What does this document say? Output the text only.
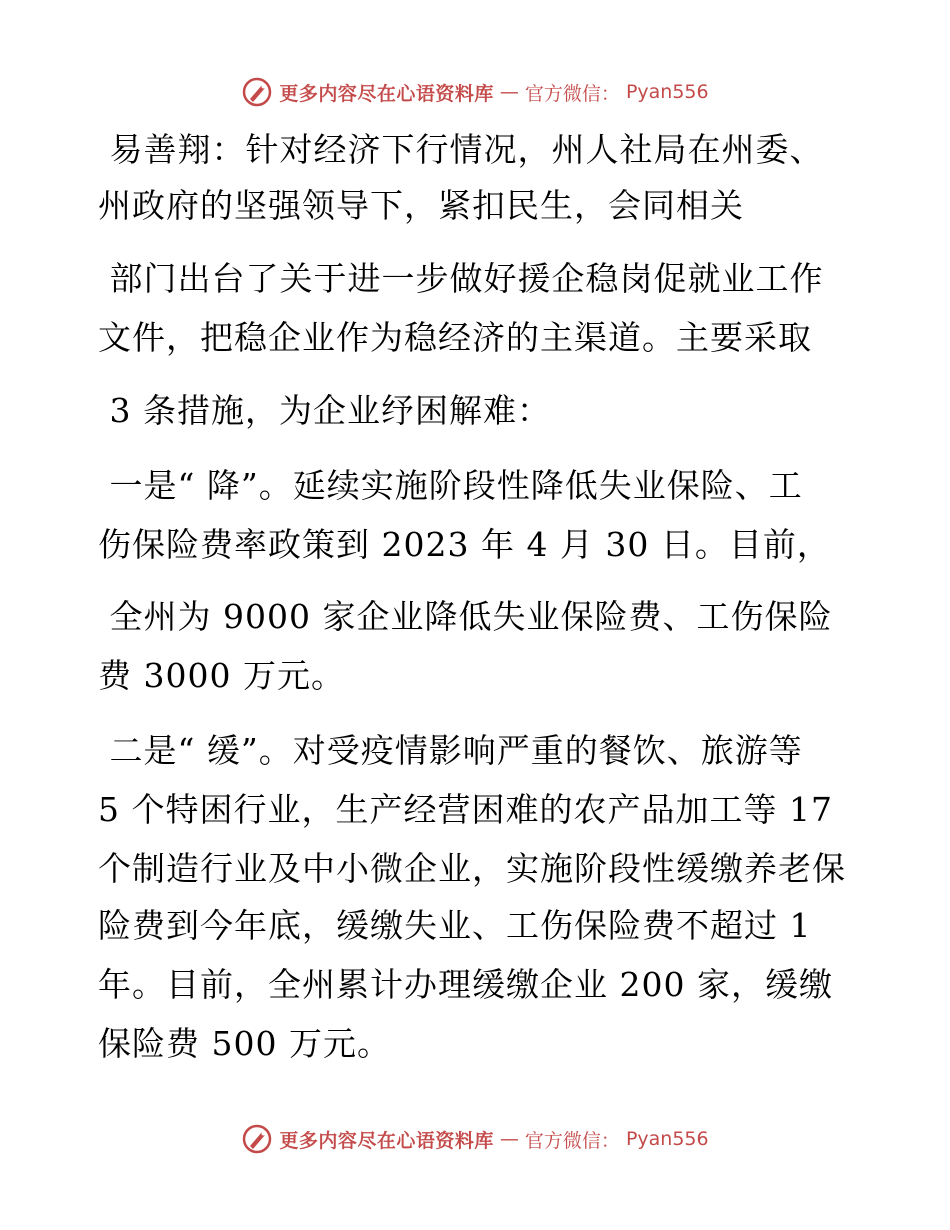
更多内容尽在心语资料库 — 官方微信： Pyan556
易善翔：针对经济下行情况，州人社局在州委、
州政府的坚强领导下，紧扣民生，会同相关
部门出台了关于进一步做好援企稳岗促就业工作
文件，把稳企业作为稳经济的主渠道。主要采取
3 条措施，为企业纾困解难：
一是“ 降”。延续实施阶段性降低失业保险、工
伤保险费率政策到 2023 年 4 月 30 日。目前，
全州为 9000 家企业降低失业保险费、工伤保险
费 3000 万元。
二是“ 缓”。对受疫情影响严重的餐饮、旅游等
5 个特困行业，生产经营困难的农产品加工等 17
个制造行业及中小微企业，实施阶段性缓缴养老保
险费到今年底，缓缴失业、工伤保险费不超过 1
年。目前，全州累计办理缓缴企业 200 家，缓缴
保险费 500 万元。
更多内容尽在心语资料库 — 官方微信： Pyan556
